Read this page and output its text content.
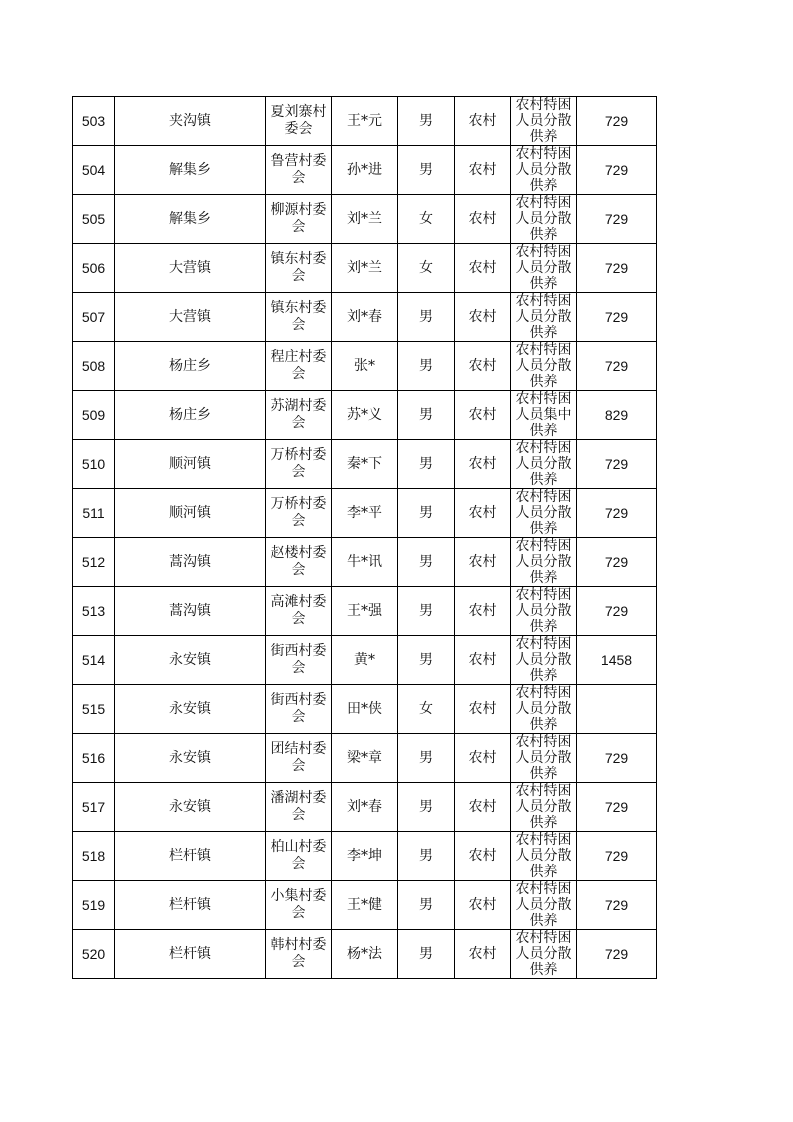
503	夹沟镇	夏刘寨村委会	王*元	男	农村	农村特困人员分散供养	729
504	解集乡	鲁营村委会	孙*进	男	农村	农村特困人员分散供养	729
505	解集乡	柳源村委会	刘*兰	女	农村	农村特困人员分散供养	729
506	大营镇	镇东村委会	刘*兰	女	农村	农村特困人员分散供养	729
507	大营镇	镇东村委会	刘*春	男	农村	农村特困人员分散供养	729
508	杨庄乡	程庄村委会	张*	男	农村	农村特困人员分散供养	729
509	杨庄乡	苏湖村委会	苏*义	男	农村	农村特困人员集中供养	829
510	顺河镇	万桥村委会	秦*下	男	农村	农村特困人员分散供养	729
511	顺河镇	万桥村委会	李*平	男	农村	农村特困人员分散供养	729
512	蒿沟镇	赵楼村委会	牛*讯	男	农村	农村特困人员分散供养	729
513	蒿沟镇	高滩村委会	王*强	男	农村	农村特困人员分散供养	729
514	永安镇	街西村委会	黄*	男	农村	农村特困人员分散供养	1458
515	永安镇	街西村委会	田*侠	女	农村	农村特困人员分散供养	

516	永安镇	团结村委会	梁*章	男	农村	农村特困人员分散供养	729
517	永安镇	潘湖村委会	刘*春	男	农村	农村特困人员分散供养	729
518	栏杆镇	柏山村委会	李*坤	男	农村	农村特困人员分散供养	729
519	栏杆镇	小集村委会	王*健	男	农村	农村特困人员分散供养	729
520	栏杆镇	韩村村委会	杨*法	男	农村	农村特困人员分散供养	729
